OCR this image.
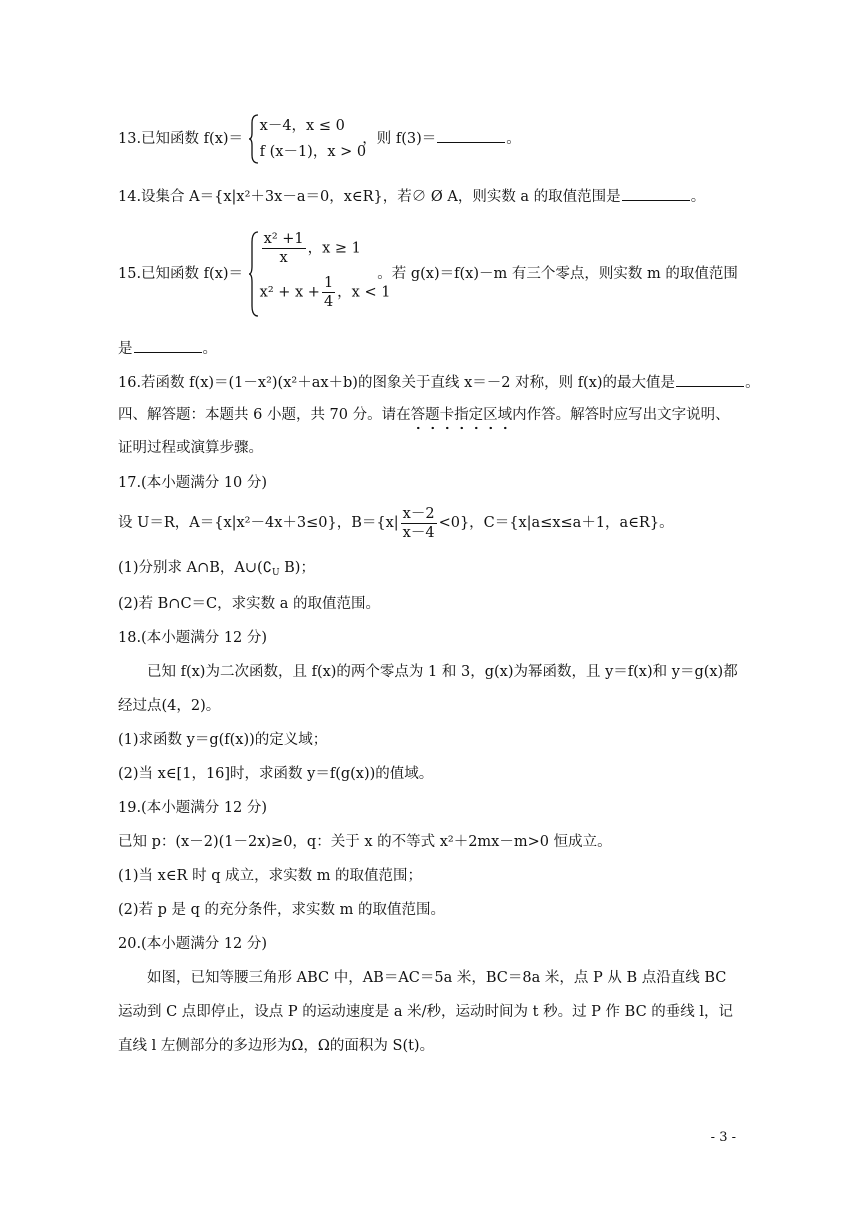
13.已知函数 f(x)＝
x－4，x ≤ 0
f (x－1)，x > 0
，则 f(3)＝	。
14.设集合 A＝{x|x²＋3x－a＝0，x∈R}，若∅ Ø A，则实数 a 的取值范围是	。
15.已知函数 f(x)＝
$\frac{\text{x² +1}}{x}$ ，x ≥ 1
$x^2 + x + \frac{1}{4}$ ，x < 1
。若 g(x)＝f(x)－m 有三个零点，则实数 m 的取值范围
是	。
16.若函数 f(x)＝(1－x²)(x²＋ax＋b)的图象关于直线 x＝－2 对称，则 f(x)的最大值是	。
四、解答题：本题共 6 小题，共 70 分。请在答题卡指定区域
内作答。解答时应写出文字说明、
证明过程或演算步骤。
17.(本小题满分 10 分)
设 U＝R，A＝{x|x²－4x＋3≤0}，$B=\{x| \frac{x-2}{x-4} <0\}$，C＝{x|a≤x≤a＋1，a∈R}。
(1)分别求 A∩B，$A\cup(∁_U$ B)；
(2)若 B∩C＝C，求实数 a 的取值范围。
18.(本小题满分 12 分)
已知 f(x)为二次函数，且 f(x)的两个零点为 1 和 3，g(x)为幂函数，且 y＝f(x)和 y＝g(x)都
经过点(4，2)。
(1)求函数 y＝g(f(x))的定义域；
(2)当 x∈[1，16]时，求函数 y＝f(g(x))的值域。
19.(本小题满分 12 分)
已知 p：(x－2)(1－2x)≥0，q：关于 x 的不等式 x²＋2mx－m>0 恒成立。
(1)当 x∈R 时 q 成立，求实数 m 的取值范围；
(2)若 p 是 q 的充分条件，求实数 m 的取值范围。
20.(本小题满分 12 分)
如图，已知等腰三角形 ABC 中，AB＝AC＝5a 米，BC＝8a 米，点 P 从 B 点沿直线 BC
运动到 C 点即停止，设点 P 的运动速度是 a 米/秒，运动时间为 t 秒。过 P 作 BC 的垂线 l，记
直线 l 左侧部分的多边形为Ω，Ω的面积为 S(t)。
- 3 -
